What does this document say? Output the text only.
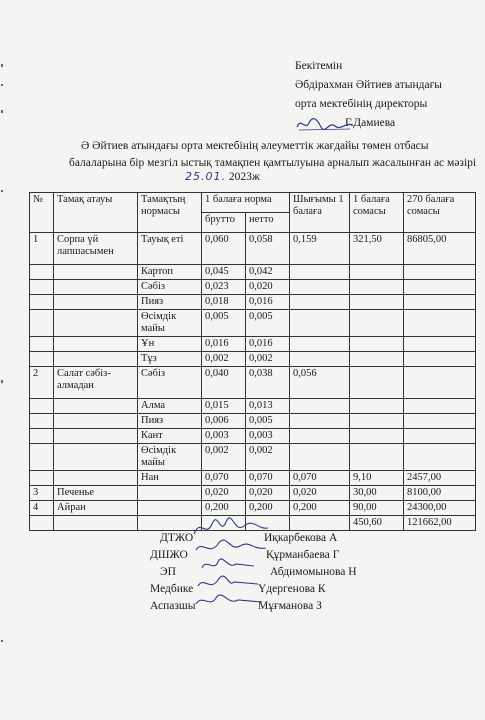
Бекітемін
Әбдірахман Әйтиев атындағы
орта мектебінің директоры
Г.Дамиева
Ә Әйтиев атындағы орта мектебінің әлеуметтік жағдайы төмен отбасы
балаларына бір мезгіл ыстық тамақпен қамтылуына арналып жасалынған ас мәзірі
25.01. 2023ж
№	Тамақ атауы	Тамақтың нормасы	1 балаға норма		Шығымы 1 балаға	1 балаға сомасы	270 балаға сомасы
			брутто	нетто			
1	Сорпа үй лапшасымен	Тауық еті	0,060	0,058	0,159	321,50	86805,00
		Картоп	0,045	0,042			
		Сәбіз	0,023	0,020			
		Пияз	0,018	0,016			
		Өсімдік майы	0,005	0,005			
		Ұн	0,016	0,016			
		Тұз	0,002	0,002			
2	Салат сәбіз-алмадан	Сәбіз	0,040	0,038	0,056		
		Алма	0,015	0,013			
		Пияз	0,006	0,005			
		Кант	0,003	0,003			
		Өсімдік майы	0,002	0,002			
		Нан	0,070	0,070	0,070	9,10	2457,00
3	Печенье		0,020	0,020	0,020	30,00	8100,00
4	Айран		0,200	0,200	0,200	90,00	24300,00
						450,60	121662,00
ДТЖО	Иқкарбекова А
ДШЖО	Құрманбаева Г
ЭП	Абдимомынова Н
Медбике	Үдергенова К
Аспазшы	Мұғманова З
